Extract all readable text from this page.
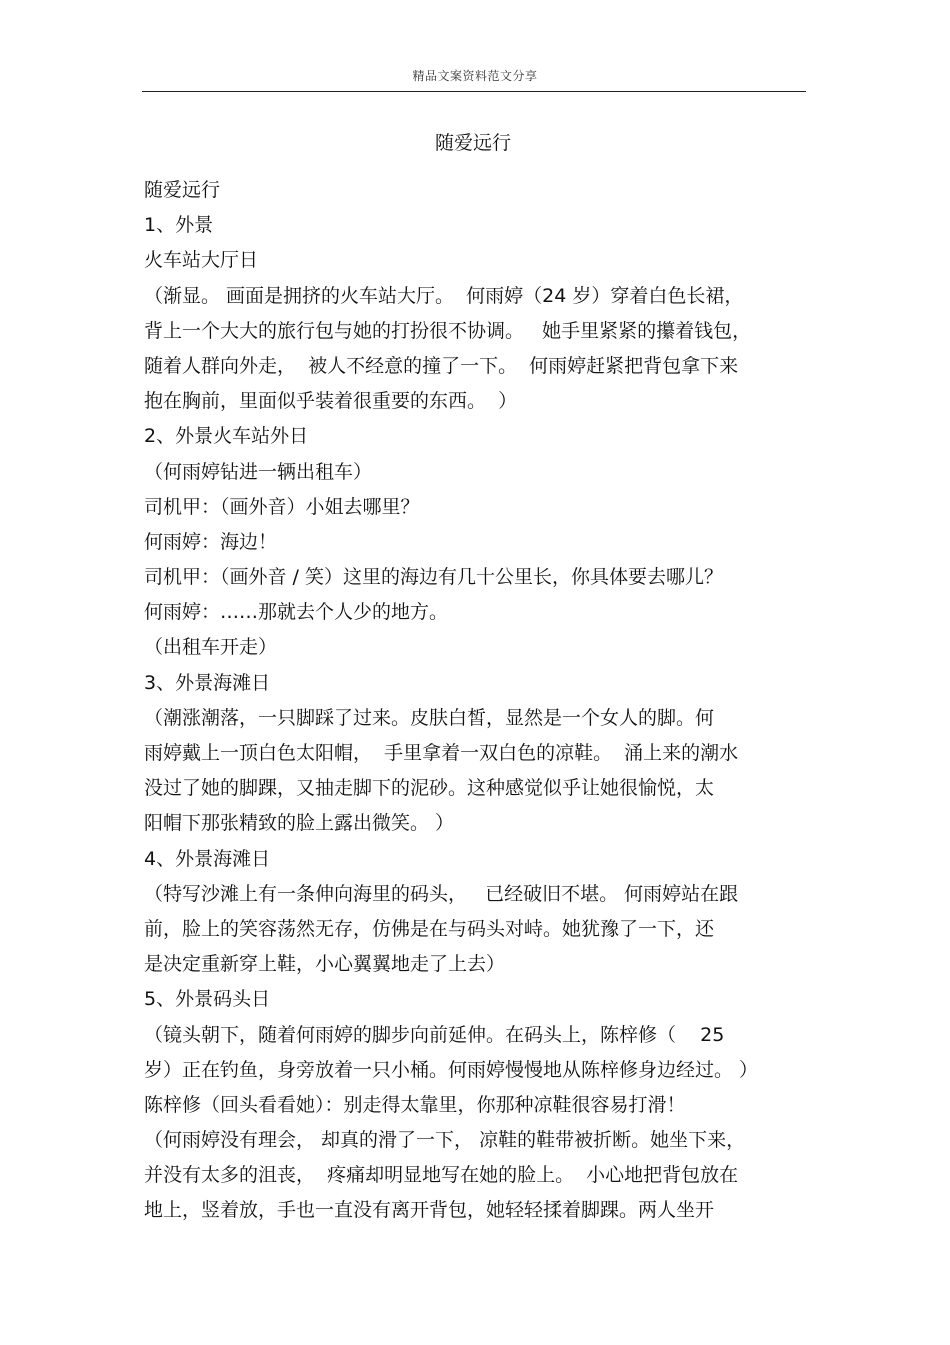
精品文案资料范文分享
随爱远行
随爱远行
1、外景
火车站大厅日
（渐显。 画面是拥挤的火车站大厅。  何雨婷（24 岁）穿着白色长裙，
背上一个大大的旅行包与她的打扮很不协调。   她手里紧紧的攥着钱包，
随着人群向外走，  被人不经意的撞了一下。  何雨婷赶紧把背包拿下来
抱在胸前，里面似乎装着很重要的东西。  ）
2、外景火车站外日
（何雨婷钻进一辆出租车）
司机甲：（画外音）小姐去哪里？
何雨婷：海边！
司机甲：（画外音 / 笑）这里的海边有几十公里长，你具体要去哪儿？
何雨婷：……那就去个人少的地方。
（出租车开走）
3、外景海滩日
（潮涨潮落，一只脚踩了过来。皮肤白皙，显然是一个女人的脚。何
雨婷戴上一顶白色太阳帽，  手里拿着一双白色的凉鞋。  涌上来的潮水
没过了她的脚踝，又抽走脚下的泥砂。这种感觉似乎让她很愉悦，太
阳帽下那张精致的脸上露出微笑。 ）
4、外景海滩日
（特写沙滩上有一条伸向海里的码头，   已经破旧不堪。 何雨婷站在跟
前，脸上的笑容荡然无存，仿佛是在与码头对峙。她犹豫了一下，还
是决定重新穿上鞋，小心翼翼地走了上去）
5、外景码头日
（镜头朝下，随着何雨婷的脚步向前延伸。在码头上，陈梓修（    25
岁）正在钓鱼，身旁放着一只小桶。何雨婷慢慢地从陈梓修身边经过。 ）
陈梓修（回头看看她）：别走得太靠里，你那种凉鞋很容易打滑！
（何雨婷没有理会， 却真的滑了一下， 凉鞋的鞋带被折断。她坐下来，
并没有太多的沮丧，  疼痛却明显地写在她的脸上。  小心地把背包放在
地上，竖着放，手也一直没有离开背包，她轻轻揉着脚踝。两人坐开
